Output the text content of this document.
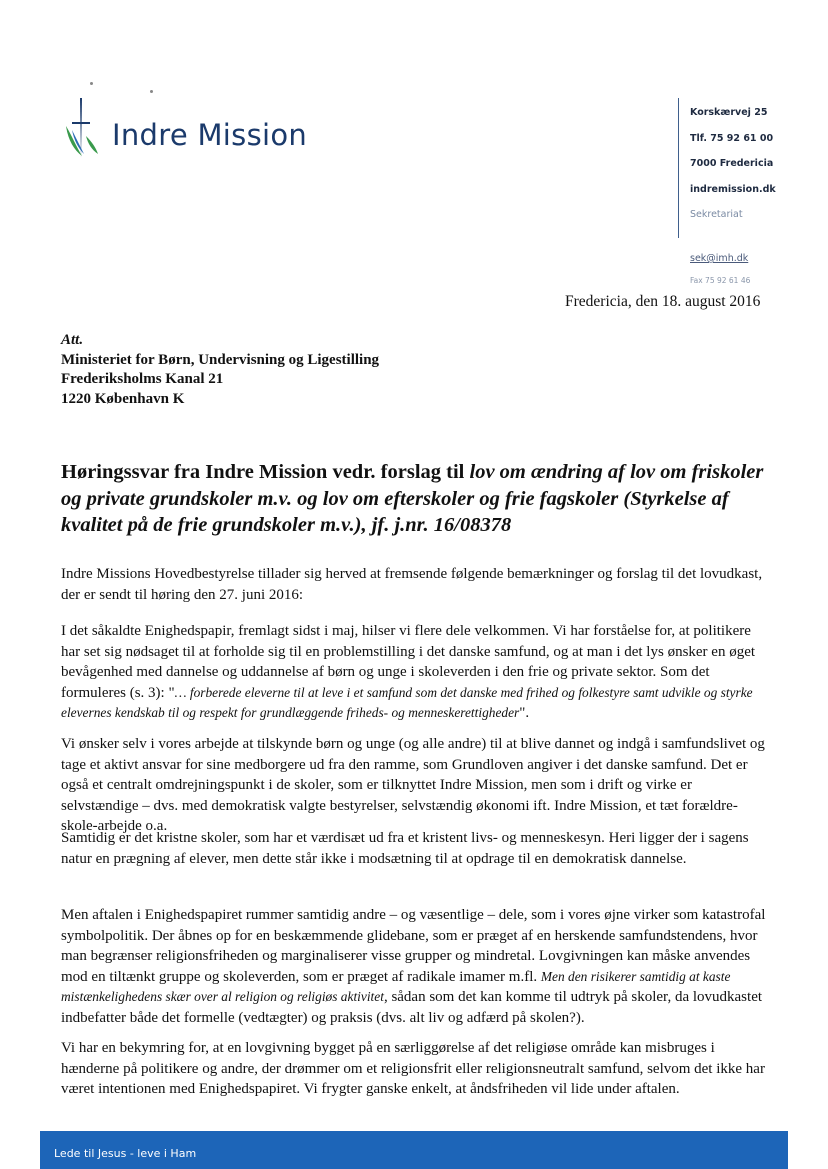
Indre Mission
Korskærvej 25
Tlf. 75 92 61 00
7000 Fredericia
indremission.dk
Sekretariat
sek@imh.dk
Fax 75 92 61 46
Fredericia, den 18. august 2016
Att.
Ministeriet for Børn, Undervisning og Ligestilling
Frederiksholms Kanal 21
1220 København K
Høringssvar fra Indre Mission vedr. forslag til lov om ændring af lov om friskoler og private grundskoler m.v. og lov om efterskoler og frie fagskoler (Styrkelse af kvalitet på de frie grundskoler m.v.), jf. j.nr. 16/08378
Indre Missions Hovedbestyrelse tillader sig herved at fremsende følgende bemærkninger og forslag til det lovudkast, der er sendt til høring den 27. juni 2016:
I det såkaldte Enighedspapir, fremlagt sidst i maj, hilser vi flere dele velkommen. Vi har forståelse for, at politikere har set sig nødsaget til at forholde sig til en problemstilling i det danske samfund, og at man i det lys ønsker en øget bevågenhed med dannelse og uddannelse af børn og unge i skoleverden i den frie og private sektor. Som det formuleres (s. 3): "… forberede eleverne til at leve i et samfund som det danske med frihed og folkestyre samt udvikle og styrke elevernes kendskab til og respekt for grundlæggende friheds- og menneskerettigheder".
Vi ønsker selv i vores arbejde at tilskynde børn og unge (og alle andre) til at blive dannet og indgå i samfundslivet og tage et aktivt ansvar for sine medborgere ud fra den ramme, som Grundloven angiver i det danske samfund. Det er også et centralt omdrejningspunkt i de skoler, som er tilknyttet Indre Mission, men som i drift og virke er selvstændige – dvs. med demokratisk valgte bestyrelser, selvstændig økonomi ift. Indre Mission, et tæt forældre-skole-arbejde o.a.
Samtidig er det kristne skoler, som har et værdisæt ud fra et kristent livs- og menneskesyn. Heri ligger der i sagens natur en prægning af elever, men dette står ikke i modsætning til at opdrage til en demokratisk dannelse.
Men aftalen i Enighedspapiret rummer samtidig andre – og væsentlige – dele, som i vores øjne virker som katastrofal symbolpolitik. Der åbnes op for en beskæmmende glidebane, som er præget af en herskende samfundstendens, hvor man begrænser religionsfriheden og marginaliserer visse grupper og mindretal. Lovgivningen kan måske anvendes mod en tiltænkt gruppe og skoleverden, som er præget af radikale imamer m.fl. Men den risikerer samtidig at kaste mistænkelighedens skær over al religion og religiøs aktivitet, sådan som det kan komme til udtryk på skoler, da lovudkastet indbefatter både det formelle (vedtægter) og praksis (dvs. alt liv og adfærd på skolen?).
Vi har en bekymring for, at en lovgivning bygget på en særliggørelse af det religiøse område kan misbruges i hænderne på politikere og andre, der drømmer om et religionsfrit eller religionsneutralt samfund, selvom det ikke har været intentionen med Enighedspapiret. Vi frygter ganske enkelt, at åndsfriheden vil lide under aftalen.
Lede til Jesus - leve i Ham
